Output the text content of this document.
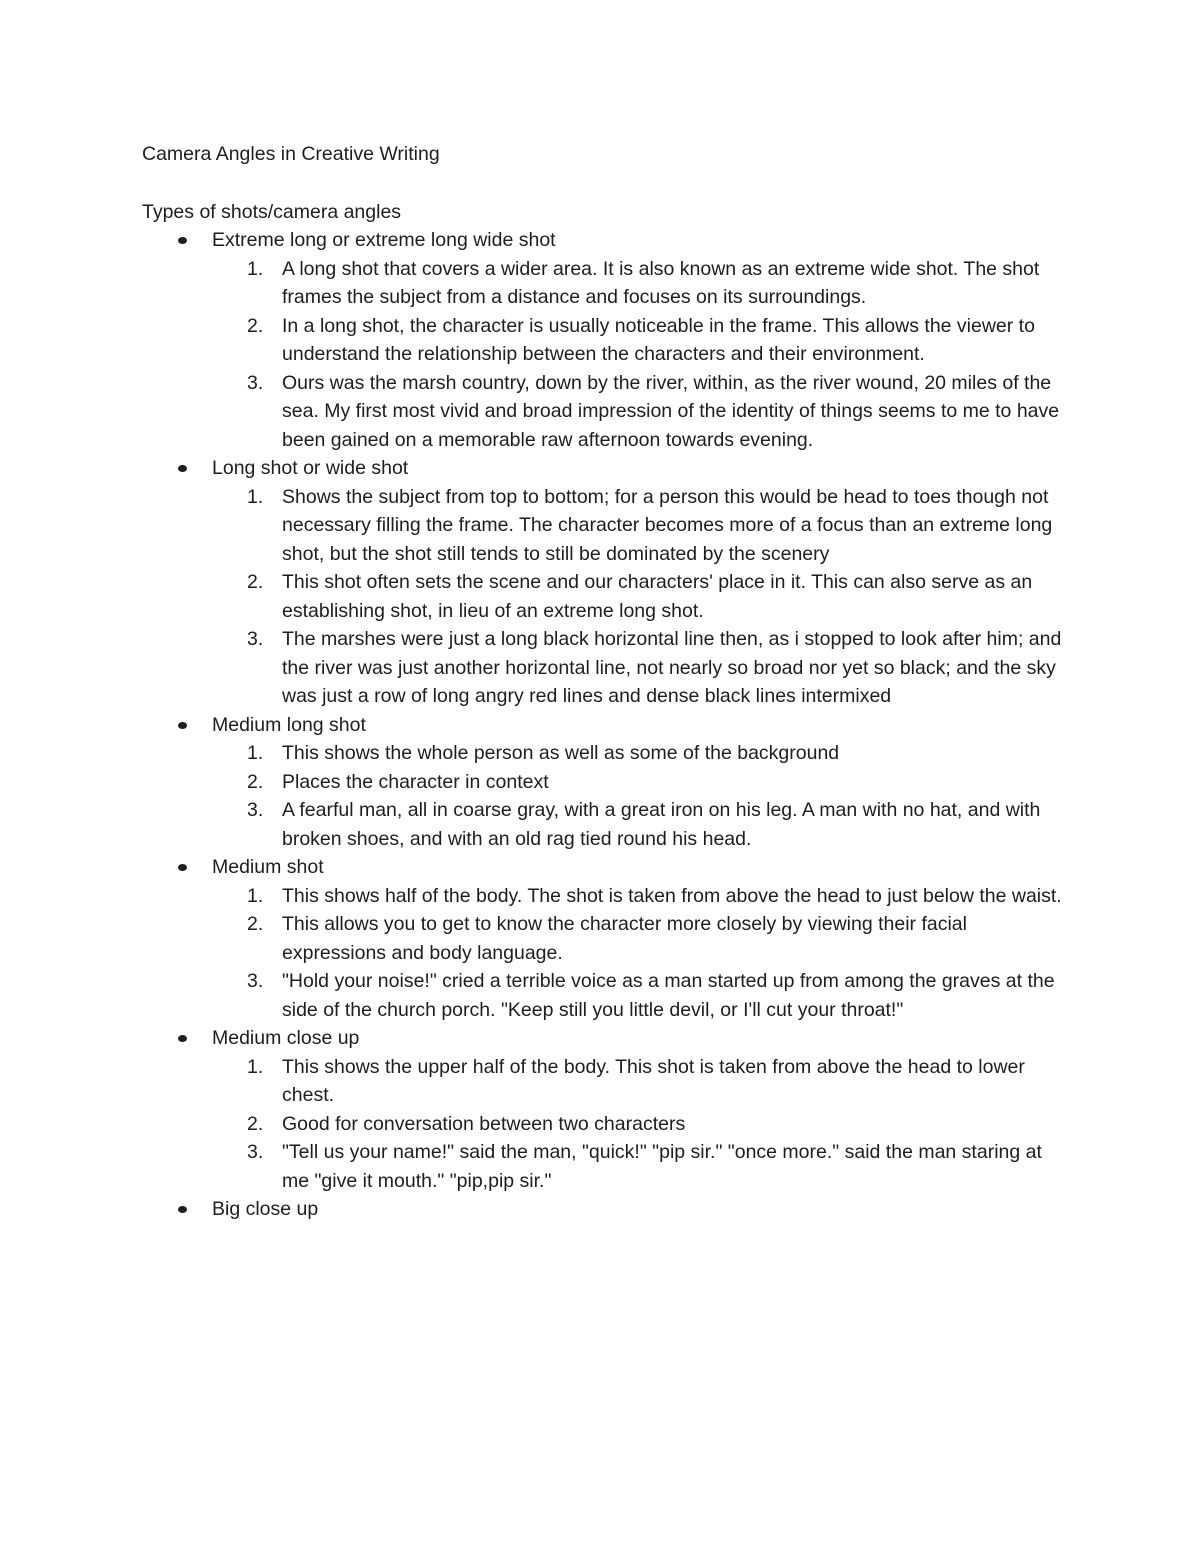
Camera Angles in Creative Writing

Types of shots/camera angles

Extreme long or extreme long wide shot
1. A long shot that covers a wider area. It is also known as an extreme wide shot. The shot frames the subject from a distance and focuses on its surroundings.
2. In a long shot, the character is usually noticeable in the frame. This allows the viewer to understand the relationship between the characters and their environment.
3. Ours was the marsh country, down by the river, within, as the river wound, 20 miles of the sea. My first most vivid and broad impression of the identity of things seems to me to have been gained on a memorable raw afternoon towards evening.
Long shot or wide shot
1. Shows the subject from top to bottom; for a person this would be head to toes though not necessary filling the frame. The character becomes more of a focus than an extreme long shot, but the shot still tends to still be dominated by the scenery
2. This shot often sets the scene and our characters' place in it. This can also serve as an establishing shot, in lieu of an extreme long shot.
3. The marshes were just a long black horizontal line then, as i stopped to look after him; and the river was just another horizontal line, not nearly so broad nor yet so black; and the sky was just a row of long angry red lines and dense black lines intermixed
Medium long shot
1. This shows the whole person as well as some of the background
2. Places the character in context
3. A fearful man, all in coarse gray, with a great iron on his leg. A man with no hat, and with broken shoes, and with an old rag tied round his head.
Medium shot
1. This shows half of the body. The shot is taken from above the head to just below the waist.
2. This allows you to get to know the character more closely by viewing their facial expressions and body language.
3. "Hold your noise!" cried a terrible voice as a man started up from among the graves at the side of the church porch. "Keep still you little devil, or I'll cut your throat!"
Medium close up
1. This shows the upper half of the body. This shot is taken from above the head to lower chest.
2. Good for conversation between two characters
3. "Tell us your name!" said the man, "quick!" "pip sir." "once more." said the man staring at me "give it mouth." "pip,pip sir."
Big close up
